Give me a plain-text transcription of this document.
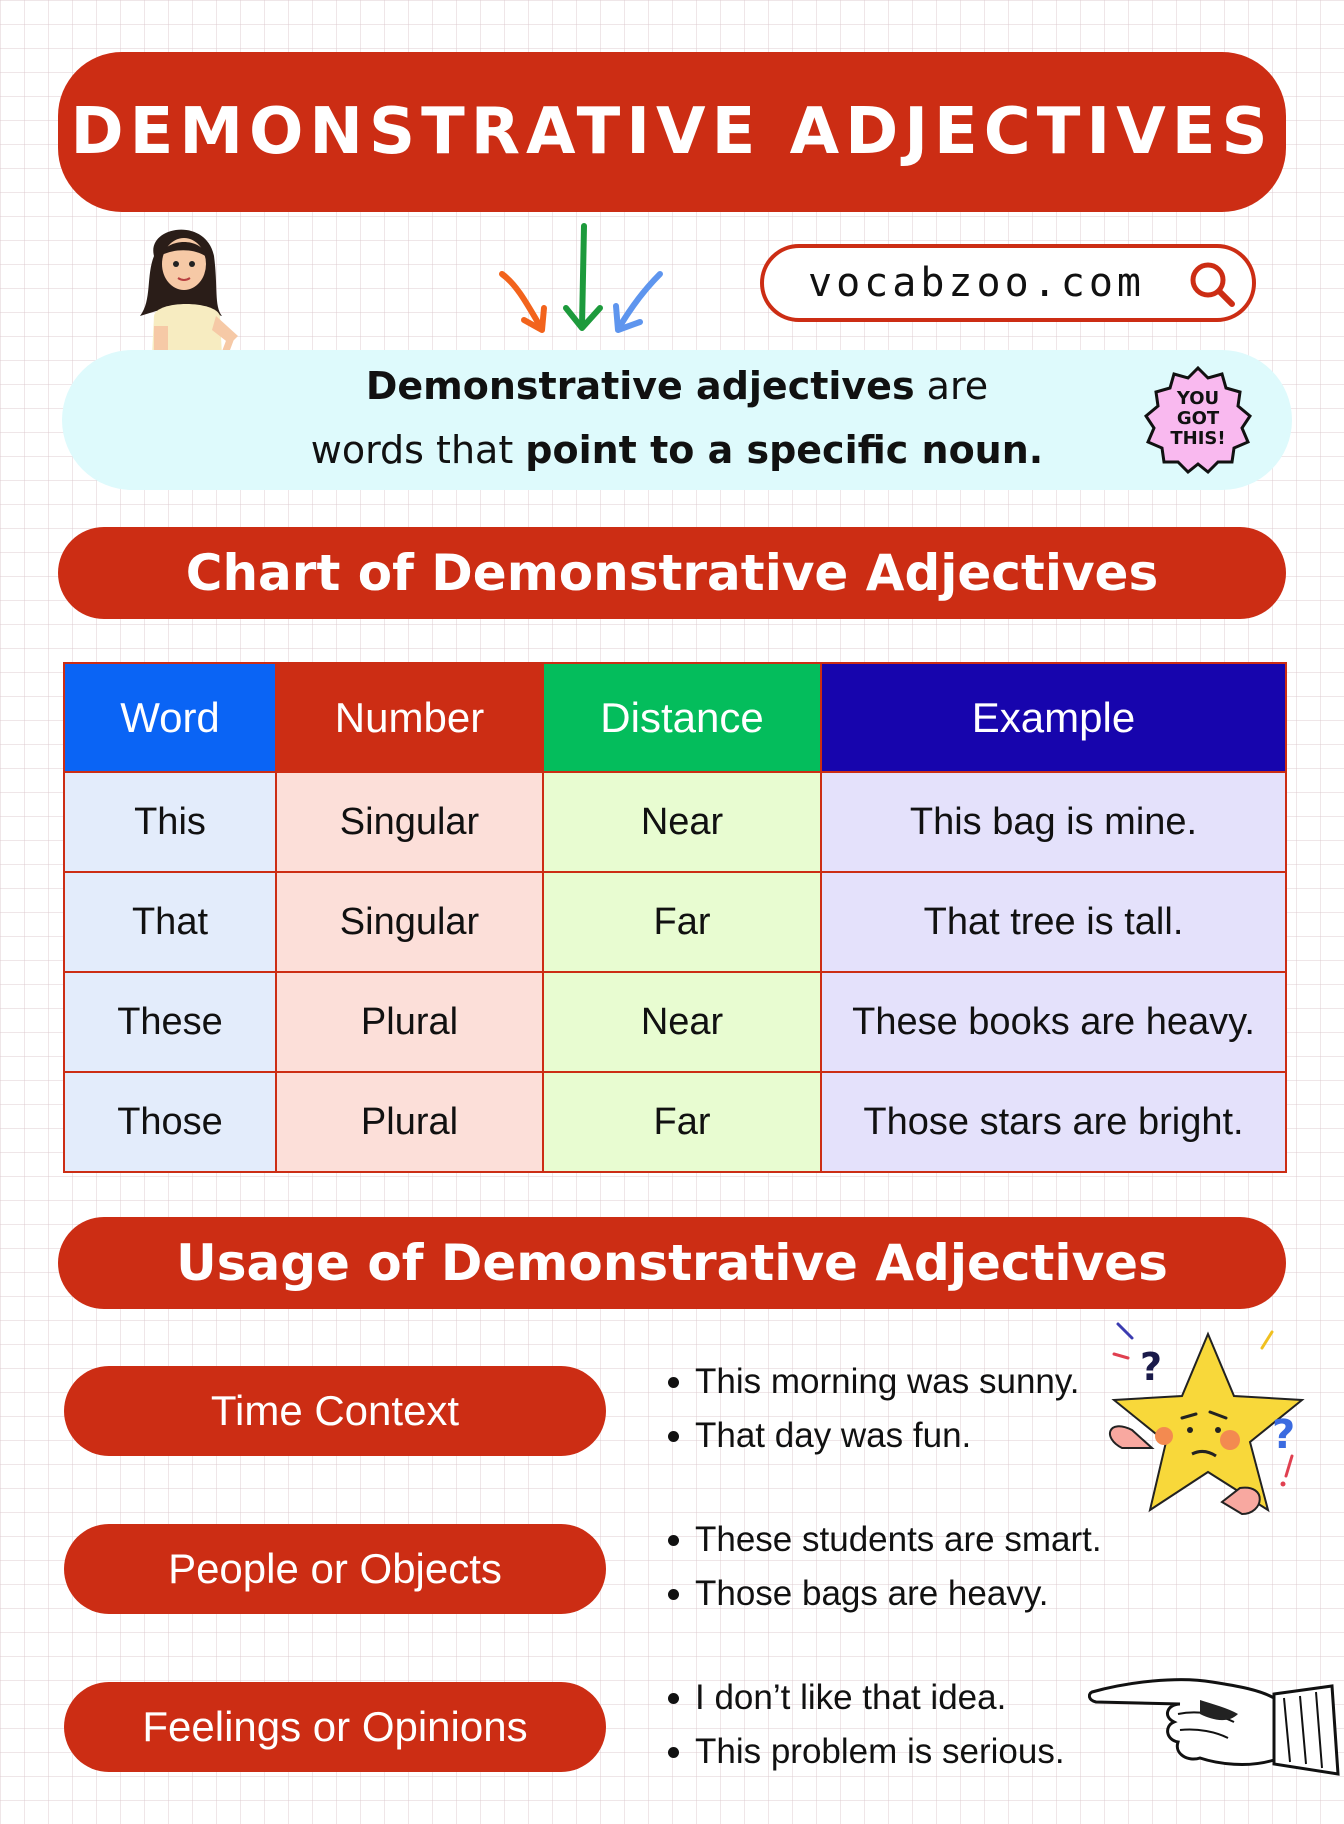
DEMONSTRATIVE ADJECTIVES
vocabzoo.com
Demonstrative adjectives are
words that point to a specific noun.
YOU
GOT
THIS!
Chart of Demonstrative Adjectives
Word	Number	Distance	Example
This	Singular	Near	This bag is mine.
That	Singular	Far	That tree is tall.
These	Plural	Near	These books are heavy.
Those	Plural	Far	Those stars are bright.
Usage of Demonstrative Adjectives
Time Context
This morning was sunny.
That day was fun.
People or Objects
These students are smart.
Those bags are heavy.
Feelings or Opinions
I don’t like that idea.
This problem is serious.
?
?
